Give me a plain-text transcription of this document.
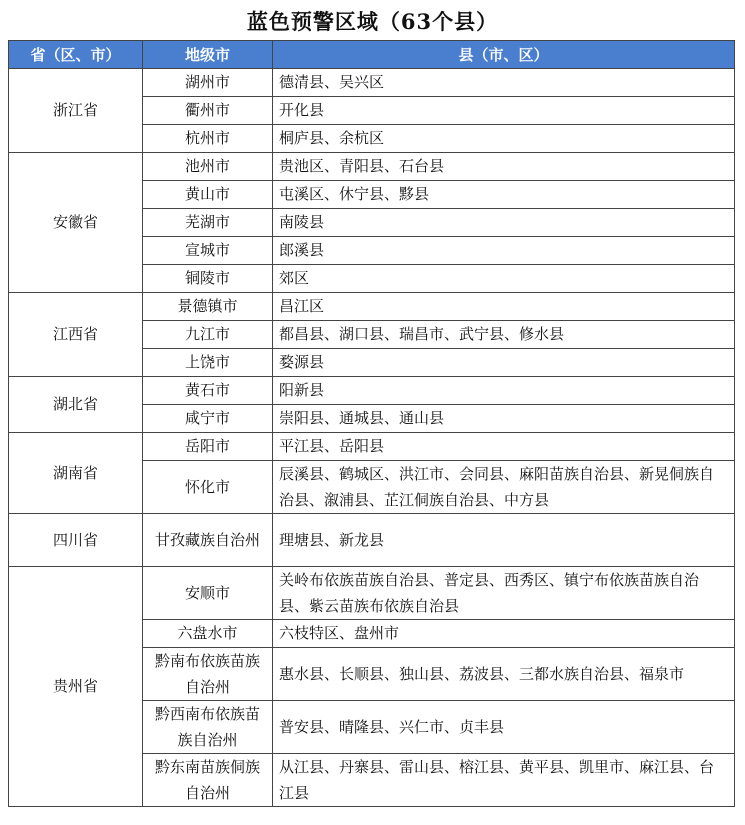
蓝色预警区域（63个县）
省（区、市）	地级市	县（市、区）
浙江省	湖州市	德清县、吴兴区
	衢州市	开化县
	杭州市	桐庐县、余杭区
安徽省	池州市	贵池区、青阳县、石台县
	黄山市	屯溪区、休宁县、黟县
	芜湖市	南陵县
	宣城市	郎溪县
	铜陵市	郊区
江西省	景德镇市	昌江区
	九江市	都昌县、湖口县、瑞昌市、武宁县、修水县
	上饶市	婺源县
湖北省	黄石市	阳新县
	咸宁市	崇阳县、通城县、通山县
湖南省	岳阳市	平江县、岳阳县
	怀化市	辰溪县、鹤城区、洪江市、会同县、麻阳苗族自治县、新晃侗族自治县、溆浦县、芷江侗族自治县、中方县
四川省	甘孜藏族自治州	理塘县、新龙县
贵州省	安顺市	关岭布依族苗族自治县、普定县、西秀区、镇宁布依族苗族自治县、紫云苗族布依族自治县
	六盘水市	六枝特区、盘州市
	黔南布依族苗族自治州	惠水县、长顺县、独山县、荔波县、三都水族自治县、福泉市
	黔西南布依族苗族自治州	普安县、晴隆县、兴仁市、贞丰县
	黔东南苗族侗族自治州	从江县、丹寨县、雷山县、榕江县、黄平县、凯里市、麻江县、台江县
